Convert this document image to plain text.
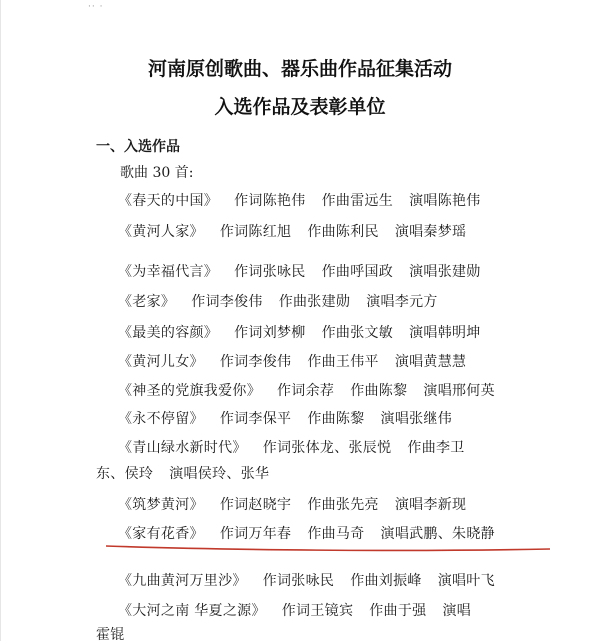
·· ·
河南原创歌曲、器乐曲作品征集活动
入选作品及表彰单位
一、入选作品
歌曲 30 首:
《春天的中国》 作词陈艳伟 作曲雷远生 演唱陈艳伟
《黄河人家》 作词陈红旭 作曲陈利民 演唱秦梦瑶
《为幸福代言》 作词张咏民 作曲呼国政 演唱张建勋
《老家》 作词李俊伟 作曲张建勋 演唱李元方
《最美的容颜》 作词刘梦柳 作曲张文敏 演唱韩明坤
《黄河儿女》 作词李俊伟 作曲王伟平 演唱黄慧慧
《神圣的党旗我爱你》 作词余荐 作曲陈黎 演唱邢何英
《永不停留》 作词李保平 作曲陈黎 演唱张继伟
《青山绿水新时代》 作词张体龙、张辰悦 作曲李卫
东、侯玲 演唱侯玲、张华
《筑梦黄河》 作词赵晓宇 作曲张先亮 演唱李新现
《家有花香》 作词万年春 作曲马奇 演唱武鹏、朱晓静
《九曲黄河万里沙》 作词张咏民 作曲刘振峰 演唱叶飞
《大河之南 华夏之源》 作词王镜宾 作曲于强 演唱
霍锟
